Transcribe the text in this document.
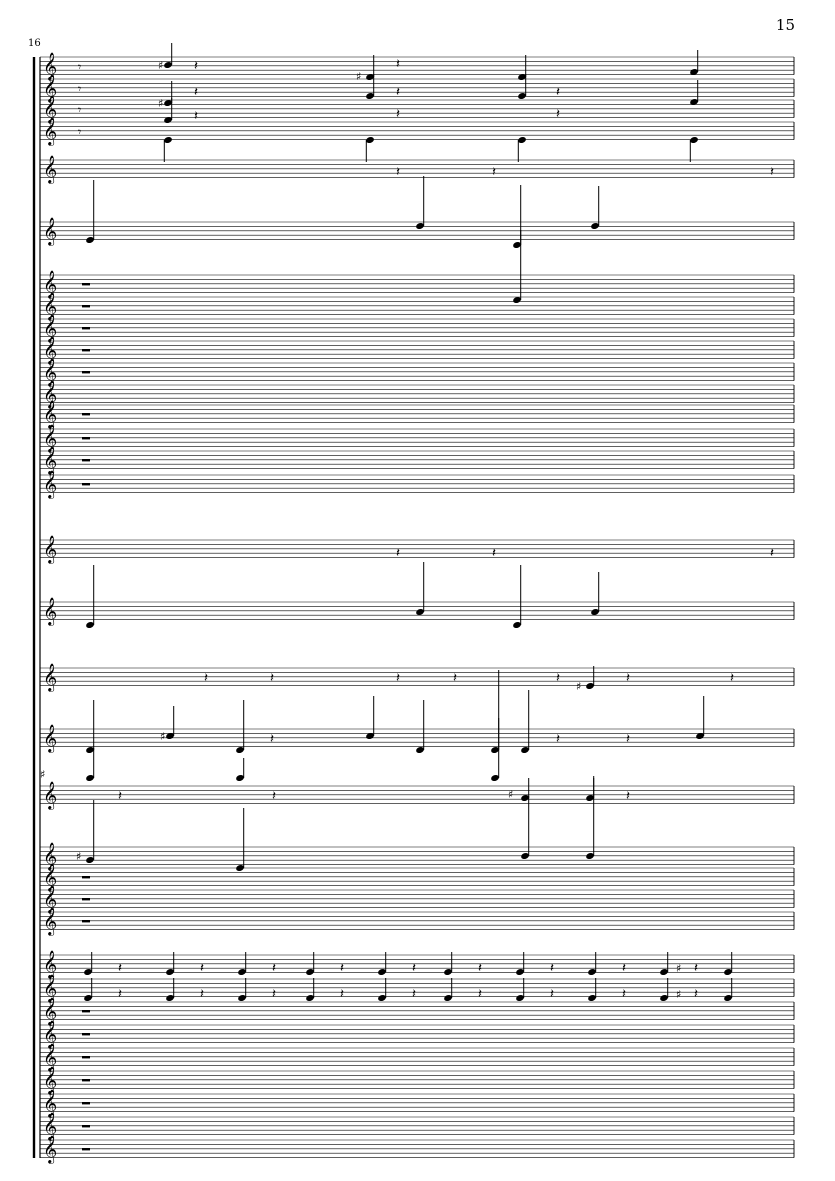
15
16
𝄞
𝄞
𝄞
𝄞
𝄞
𝄞
𝄞
𝄞
𝄞
𝄞
𝄞
𝄞
𝄞
𝄞
𝄞
𝄞
𝄞
𝄞
𝄞
𝄞
𝄞
𝄞
𝄞
𝄞
𝄞
𝄞
𝄞
𝄞
𝄞
𝄞
𝄞
𝄞
𝄞
𝄞
𝄾
𝄾
𝄾
𝄾
♯ 𝄽
♯
𝄽
𝄽
♯
𝄽
𝄽
𝄽
𝄽
𝄽
𝄽	𝄽	𝄽
𝄽	𝄽	𝄽
♯
𝄽	𝄽
𝄽
♯
𝄽	𝄽	𝄽
𝄽
♯
𝄽
𝄽
𝄽
♯
𝄽	𝄽	♯	𝄽
𝄽
𝄽
𝄽
𝄽
𝄽
𝄽
𝄽
𝄽
𝄽
𝄽
𝄽
𝄽
𝄽
𝄽
𝄽
𝄽
𝄽
𝄽
♯
♯
